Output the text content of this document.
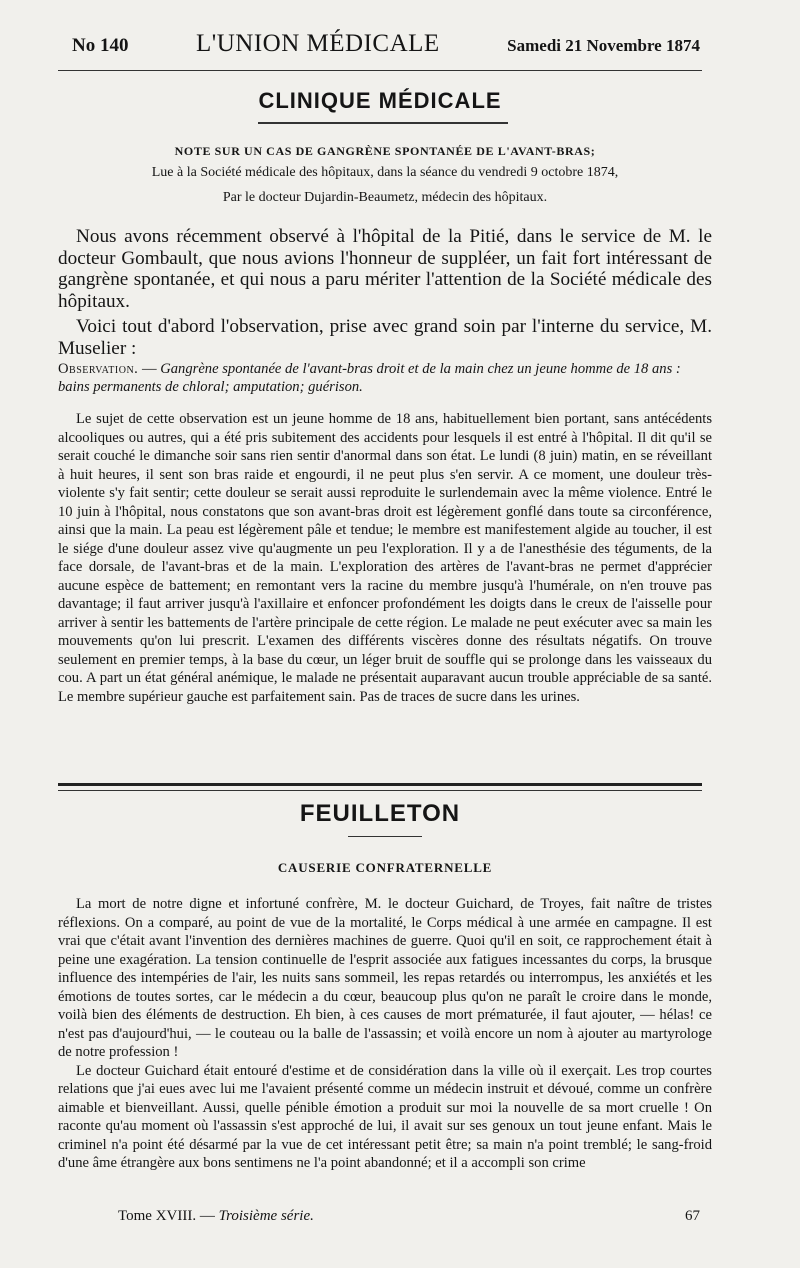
No 140	L'UNION MÉDICALE	Samedi 21 Novembre 1874
CLINIQUE MÉDICALE
NOTE SUR UN CAS DE GANGRÈNE SPONTANÉE DE L'AVANT-BRAS;
Lue à la Société médicale des hôpitaux, dans la séance du vendredi 9 octobre 1874,
Par le docteur Dujardin-Beaumetz, médecin des hôpitaux.

Nous avons récemment observé à l'hôpital de la Pitié, dans le service de M. le docteur Gombault, que nous avions l'honneur de suppléer, un fait fort intéressant de gangrène spontanée, et qui nous a paru mériter l'attention de la Société médicale des hôpitaux.

Voici tout d'abord l'observation, prise avec grand soin par l'interne du service, M. Muselier :

Observation. — Gangrène spontanée de l'avant-bras droit et de la main chez un jeune homme de 18 ans : bains permanents de chloral; amputation; guérison.

Le sujet de cette observation est un jeune homme de 18 ans, habituellement bien portant, sans antécédents alcooliques ou autres, qui a été pris subitement des accidents pour lesquels il est entré à l'hôpital. Il dit qu'il se serait couché le dimanche soir sans rien sentir d'anormal dans son état. Le lundi (8 juin) matin, en se réveillant à huit heures, il sent son bras raide et engourdi, il ne peut plus s'en servir. A ce moment, une douleur très-violente s'y fait sentir; cette douleur se serait aussi reproduite le surlendemain avec la même violence. Entré le 10 juin à l'hôpital, nous constatons que son avant-bras droit est légèrement gonflé dans toute sa circonférence, ainsi que la main. La peau est légèrement pâle et tendue; le membre est manifestement algide au toucher, il est le siége d'une douleur assez vive qu'augmente un peu l'exploration. Il y a de l'anesthésie des téguments, de la face dorsale, de l'avant-bras et de la main. L'exploration des artères de l'avant-bras ne permet d'apprécier aucune espèce de battement; en remontant vers la racine du membre jusqu'à l'humérale, on n'en trouve pas davantage; il faut arriver jusqu'à l'axillaire et enfoncer profondément les doigts dans le creux de l'aisselle pour arriver à sentir les battements de l'artère principale de cette région. Le malade ne peut exécuter avec sa main les mouvements qu'on lui prescrit. L'examen des différents viscères donne des résultats négatifs. On trouve seulement en premier temps, à la base du cœur, un léger bruit de souffle qui se prolonge dans les vaisseaux du cou. A part un état général anémique, le malade ne présentait auparavant aucun trouble appréciable de sa santé. Le membre supérieur gauche est parfaitement sain. Pas de traces de sucre dans les urines.

FEUILLETON
CAUSERIE CONFRATERNELLE

La mort de notre digne et infortuné confrère, M. le docteur Guichard, de Troyes, fait naître de tristes réflexions. On a comparé, au point de vue de la mortalité, le Corps médical à une armée en campagne. Il est vrai que c'était avant l'invention des dernières machines de guerre. Quoi qu'il en soit, ce rapprochement était à peine une exagération. La tension continuelle de l'esprit associée aux fatigues incessantes du corps, la brusque influence des intempéries de l'air, les nuits sans sommeil, les repas retardés ou interrompus, les anxiétés et les émotions de toutes sortes, car le médecin a du cœur, beaucoup plus qu'on ne paraît le croire dans le monde, voilà bien des éléments de destruction. Eh bien, à ces causes de mort prématurée, il faut ajouter, — hélas! ce n'est pas d'aujourd'hui, — le couteau ou la balle de l'assassin; et voilà encore un nom à ajouter au martyrologe de notre profession !

Le docteur Guichard était entouré d'estime et de considération dans la ville où il exerçait. Les trop courtes relations que j'ai eues avec lui me l'avaient présenté comme un médecin instruit et dévoué, comme un confrère aimable et bienveillant. Aussi, quelle pénible émotion a produit sur moi la nouvelle de sa mort cruelle ! On raconte qu'au moment où l'assassin s'est approché de lui, il avait sur ses genoux un tout jeune enfant. Mais le criminel n'a point été désarmé par la vue de cet intéressant petit être; sa main n'a point tremblé; le sang-froid d'une âme étrangère aux bons sentimens ne l'a point abandonné; et il a accompli son crime

Tome XVIII. — Troisième série.	67
